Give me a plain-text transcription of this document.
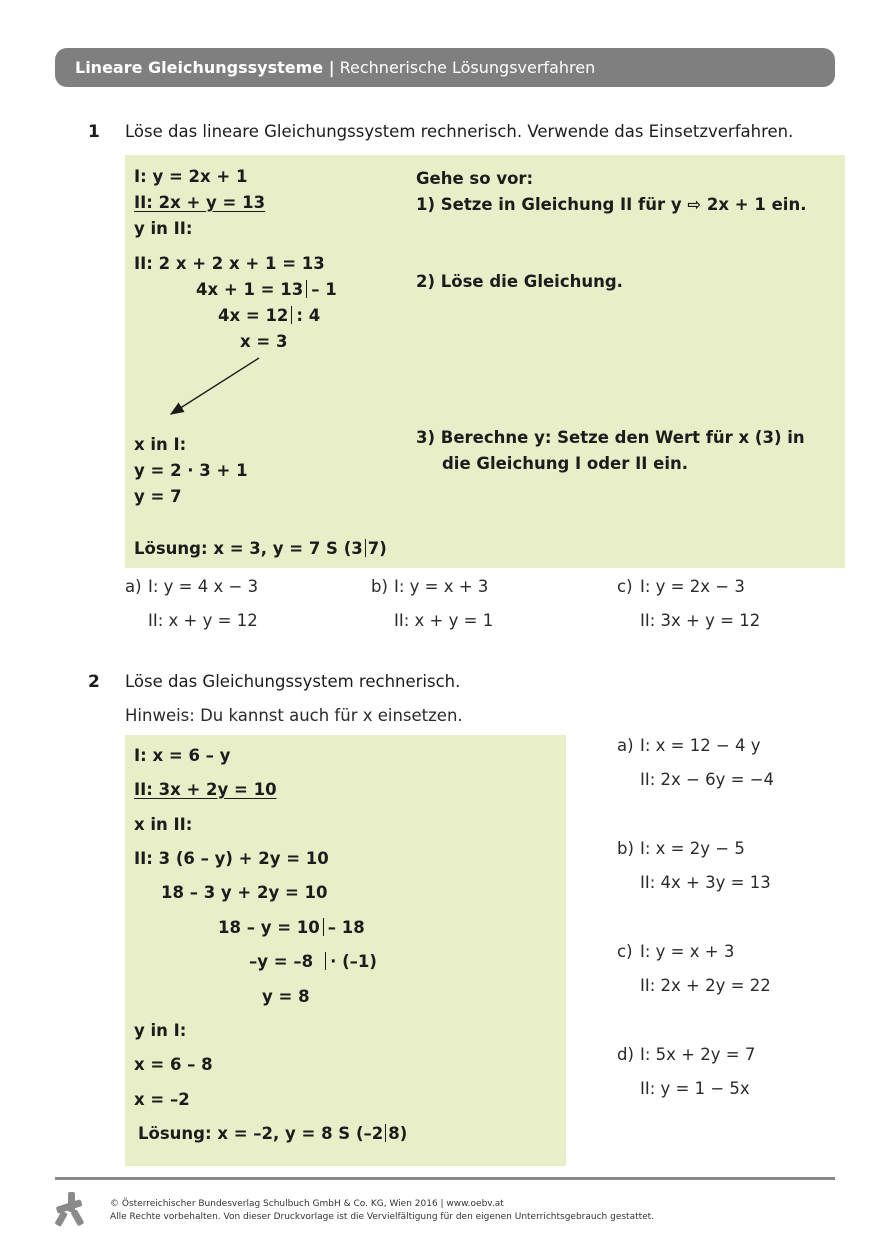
Lineare Gleichungssysteme | Rechnerische Lösungsverfahren
1 Löse das lineare Gleichungssystem rechnerisch. Verwende das Einsetzverfahren.
I: y = 2x + 1
II: 2x + y = 13
y in II:
II: 2 x + 2 x + 1 = 13
4x + 1 = 13 – 1
4x = 12 : 4
x = 3
x in I:
y = 2 · 3 + 1
y = 7
Lösung: x = 3, y = 7 S (3 7)
Gehe so vor:
1) Setze in Gleichung II für y ⇨ 2x + 1 ein.
2) Löse die Gleichung.
3) Berechne y: Setze den Wert für x (3) in
die Gleichung I oder II ein.
a) I: y = 4 x − 3
II: x + y = 12
b) I: y = x + 3
II: x + y = 1
c) I: y = 2x − 3
II: 3x + y = 12
2 Löse das Gleichungssystem rechnerisch.
Hinweis: Du kannst auch für x einsetzen.
I: x = 6 – y
II: 3x + 2y = 10
x in II:
II: 3 (6 – y) + 2y = 10
18 – 3 y + 2y = 10
18 – y = 10 – 18
–y = –8 · (–1)
y = 8
y in I:
x = 6 – 8
x = –2
Lösung: x = –2, y = 8 S (–2 8)
a) I: x = 12 − 4 y
II: 2x − 6y = −4
b) I: x = 2y − 5
II: 4x + 3y = 13
c) I: y = x + 3
II: 2x + 2y = 22
d) I: 5x + 2y = 7
II: y = 1 − 5x
© Österreichischer Bundesverlag Schulbuch GmbH & Co. KG, Wien 2016 | www.oebv.at
Alle Rechte vorbehalten. Von dieser Druckvorlage ist die Vervielfältigung für den eigenen Unterrichtsgebrauch gestattet.
